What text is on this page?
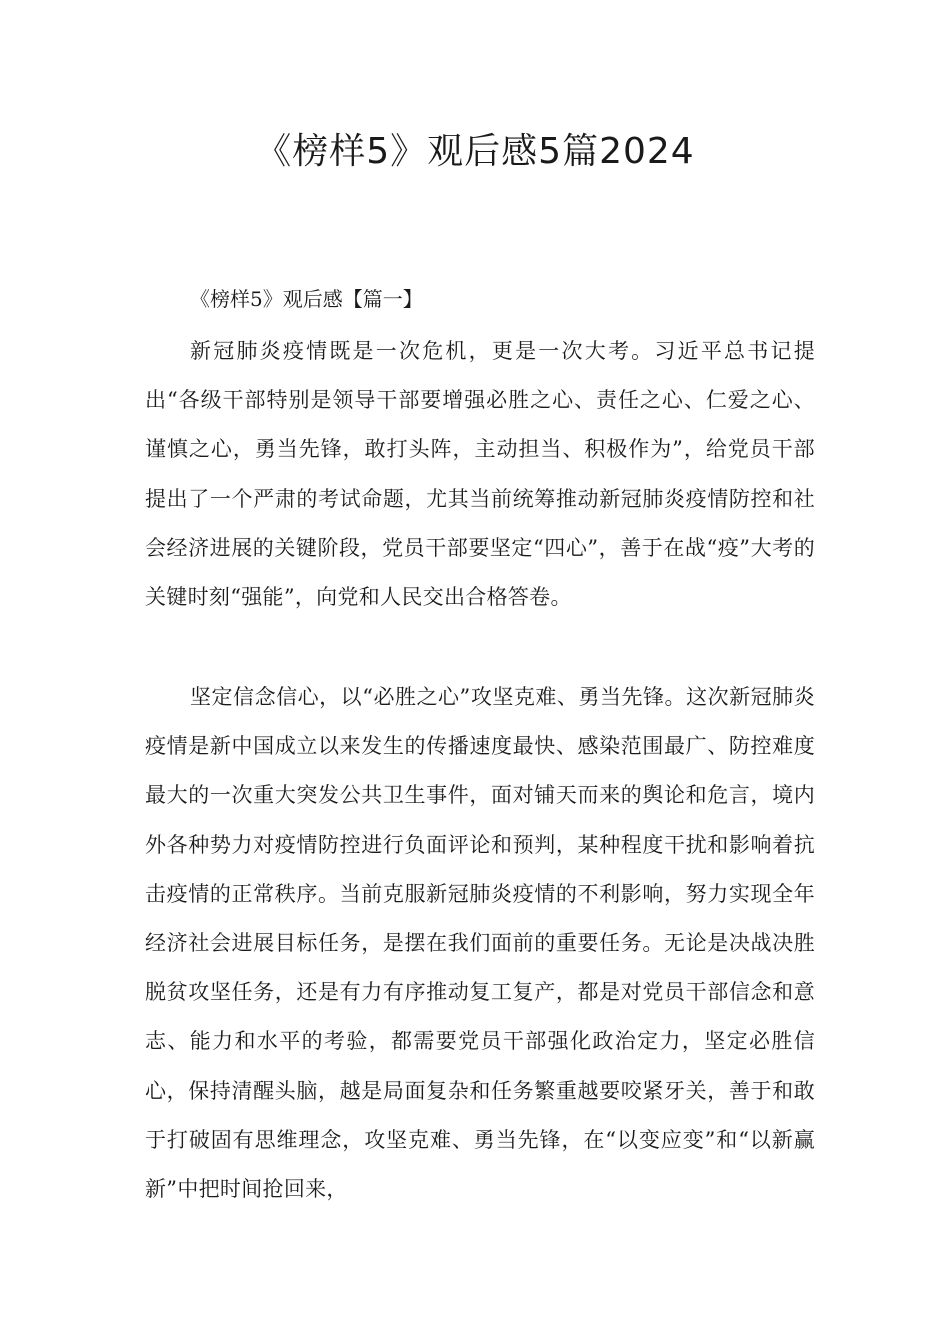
《榜样5》观后感5篇2024
《榜样5》观后感【篇一】

新冠肺炎疫情既是一次危机，更是一次大考。习近平总书记提出“各级干部特别是领导干部要增强必胜之心、责任之心、仁爱之心、谨慎之心，勇当先锋，敢打头阵，主动担当、积极作为”，给党员干部提出了一个严肃的考试命题，尤其当前统筹推动新冠肺炎疫情防控和社会经济进展的关键阶段，党员干部要坚定“四心”，善于在战“疫”大考的关键时刻“强能”，向党和人民交出合格答卷。

坚定信念信心，以“必胜之心”攻坚克难、勇当先锋。这次新冠肺炎疫情是新中国成立以来发生的传播速度最快、感染范围最广、防控难度最大的一次重大突发公共卫生事件，面对铺天而来的舆论和危言，境内外各种势力对疫情防控进行负面评论和预判，某种程度干扰和影响着抗击疫情的正常秩序。当前克服新冠肺炎疫情的不利影响，努力实现全年经济社会进展目标任务，是摆在我们面前的重要任务。无论是决战决胜脱贫攻坚任务，还是有力有序推动复工复产，都是对党员干部信念和意志、能力和水平的考验，都需要党员干部强化政治定力，坚定必胜信心，保持清醒头脑，越是局面复杂和任务繁重越要咬紧牙关，善于和敢于打破固有思维理念，攻坚克难、勇当先锋，在“以变应变”和“以新赢新”中把时间抢回来，
